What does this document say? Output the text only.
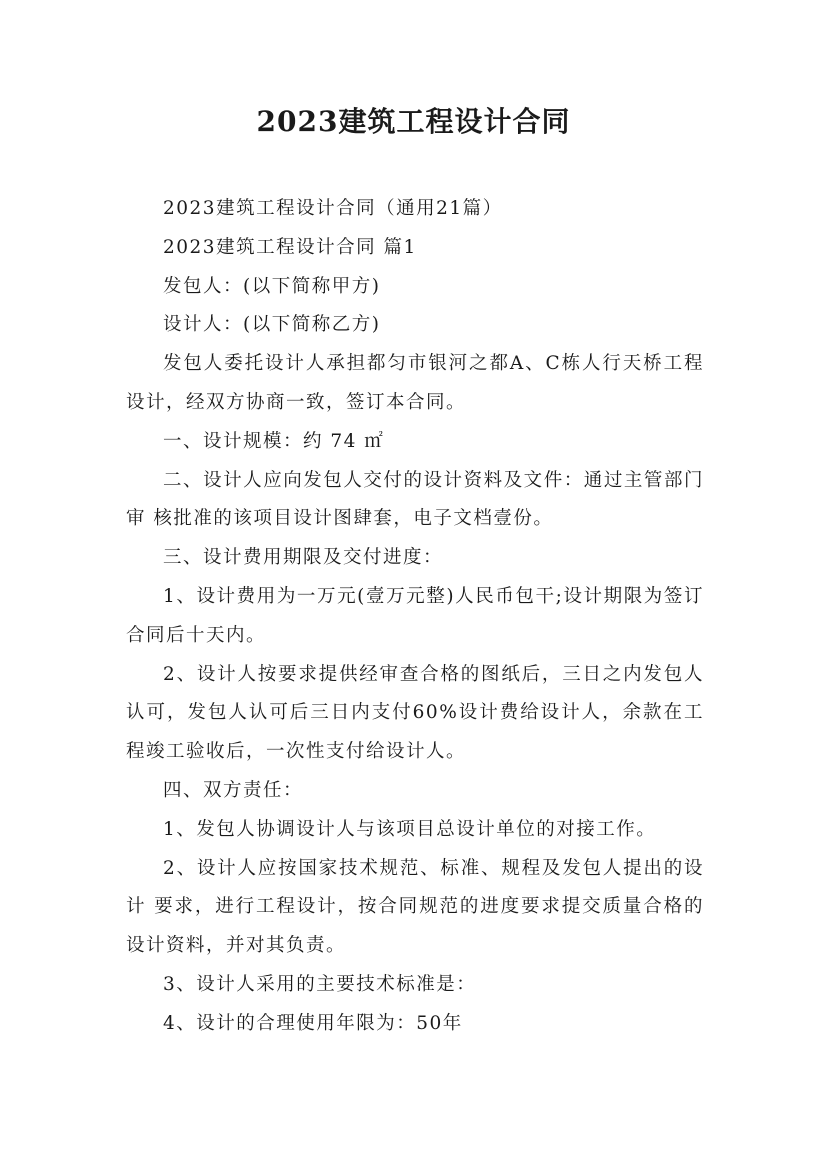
2023建筑工程设计合同

2023建筑工程设计合同（通用21篇）

2023建筑工程设计合同 篇1

发包人：(以下简称甲方)

设计人：(以下简称乙方)

发包人委托设计人承担都匀市银河之都A、C栋人行天桥工程设计，经双方协商一致，签订本合同。

一、设计规模：约 74 ㎡

二、设计人应向发包人交付的设计资料及文件：通过主管部门审 核批准的该项目设计图肆套，电子文档壹份。

三、设计费用期限及交付进度：

1、设计费用为一万元(壹万元整)人民币包干;设计期限为签订合同后十天内。

2、设计人按要求提供经审查合格的图纸后，三日之内发包人认可，发包人认可后三日内支付60%设计费给设计人，余款在工程竣工验收后，一次性支付给设计人。

四、双方责任：

1、发包人协调设计人与该项目总设计单位的对接工作。

2、设计人应按国家技术规范、标准、规程及发包人提出的设计 要求，进行工程设计，按合同规范的进度要求提交质量合格的设计资料，并对其负责。

3、设计人采用的主要技术标准是：

4、设计的合理使用年限为：50年
